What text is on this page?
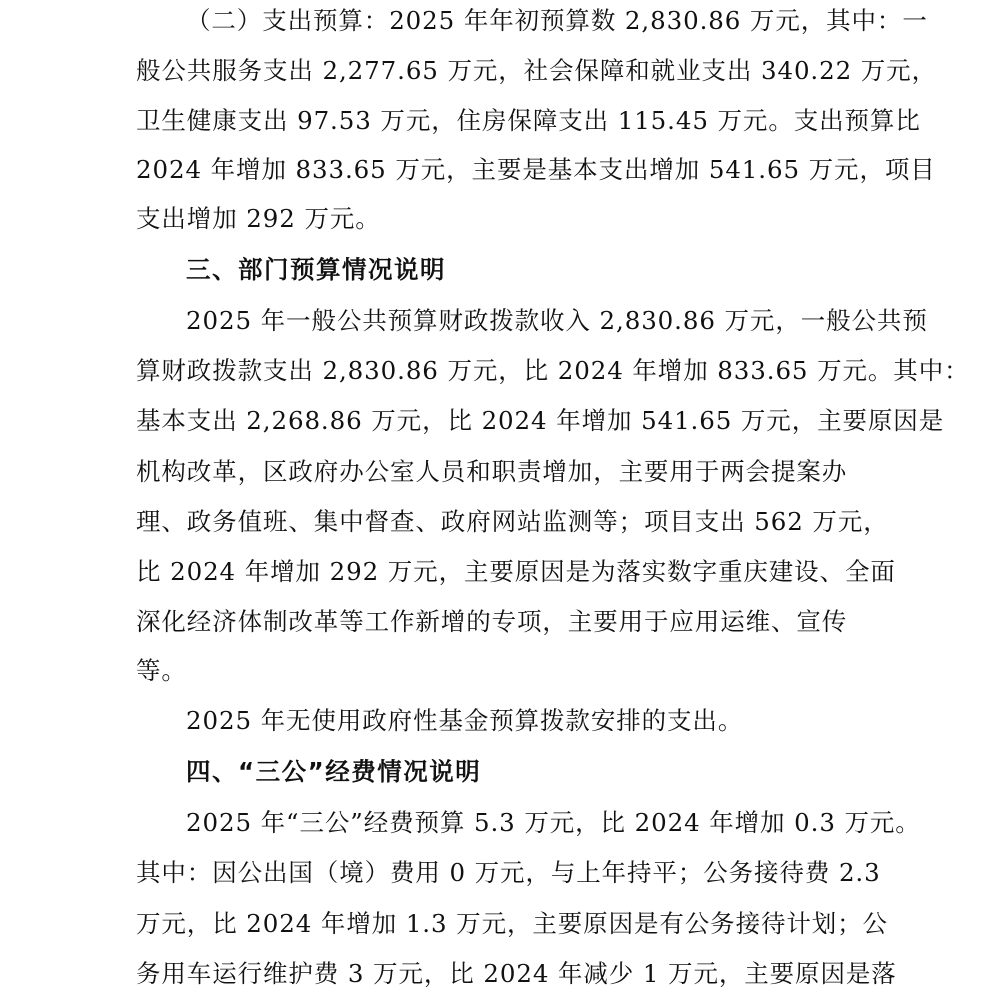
（二）支出预算：2025 年年初预算数 2,830.86 万元，其中：一
般公共服务支出 2,277.65 万元，社会保障和就业支出 340.22 万元，
卫生健康支出 97.53 万元，住房保障支出 115.45 万元。支出预算比
2024 年增加 833.65 万元，主要是基本支出增加 541.65 万元，项目
支出增加 292 万元。
三、部门预算情况说明
2025 年一般公共预算财政拨款收入 2,830.86 万元，一般公共预
算财政拨款支出 2,830.86 万元，比 2024 年增加 833.65 万元。其中：
基本支出 2,268.86 万元，比 2024 年增加 541.65 万元，主要原因是
机构改革，区政府办公室人员和职责增加，主要用于两会提案办
理、政务值班、集中督查、政府网站监测等；项目支出 562 万元，
比 2024 年增加 292 万元，主要原因是为落实数字重庆建设、全面
深化经济体制改革等工作新增的专项，主要用于应用运维、宣传
等。
2025 年无使用政府性基金预算拨款安排的支出。
四、“三公”经费情况说明
2025 年“三公”经费预算 5.3 万元，比 2024 年增加 0.3 万元。
其中：因公出国（境）费用 0 万元，与上年持平；公务接待费 2.3
万元，比 2024 年增加 1.3 万元，主要原因是有公务接待计划；公
务用车运行维护费 3 万元，比 2024 年减少 1 万元，主要原因是落
